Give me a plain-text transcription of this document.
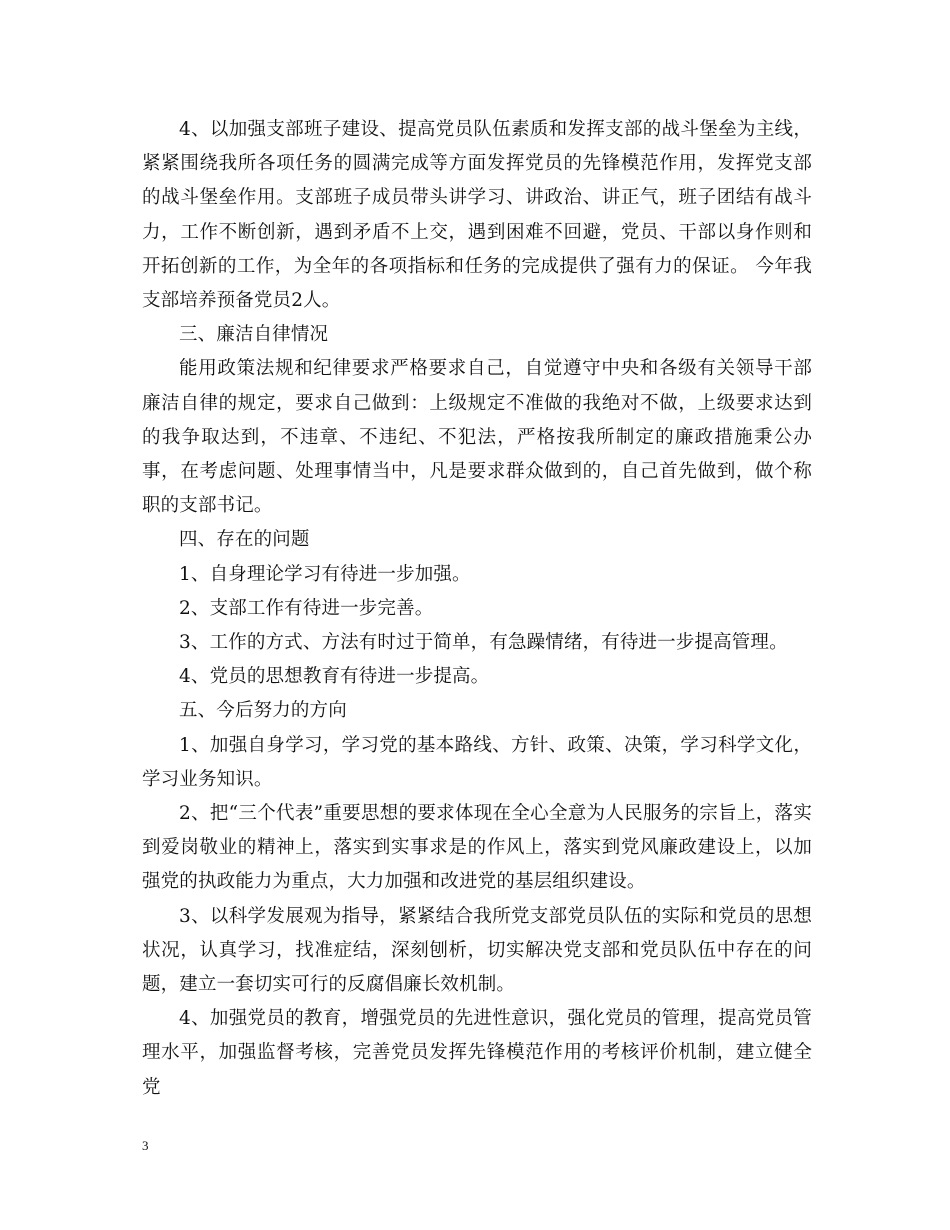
4、以加强支部班子建设、提高党员队伍素质和发挥支部的战斗堡垒为主线，紧紧围绕我所各项任务的圆满完成等方面发挥党员的先锋模范作用，发挥党支部的战斗堡垒作用。支部班子成员带头讲学习、讲政治、讲正气，班子团结有战斗力，工作不断创新，遇到矛盾不上交，遇到困难不回避，党员、干部以身作则和开拓创新的工作，为全年的各项指标和任务的完成提供了强有力的保证。 今年我支部培养预备党员2人。

三、廉洁自律情况

能用政策法规和纪律要求严格要求自己，自觉遵守中央和各级有关领导干部廉洁自律的规定，要求自己做到：上级规定不准做的我绝对不做，上级要求达到的我争取达到，不违章、不违纪、不犯法，严格按我所制定的廉政措施秉公办事，在考虑问题、处理事情当中，凡是要求群众做到的，自己首先做到，做个称职的支部书记。

四、存在的问题

1、自身理论学习有待进一步加强。

2、支部工作有待进一步完善。

3、工作的方式、方法有时过于简单，有急躁情绪，有待进一步提高管理。

4、党员的思想教育有待进一步提高。

五、今后努力的方向

1、加强自身学习，学习党的基本路线、方针、政策、决策，学习科学文化，学习业务知识。

2、把“三个代表”重要思想的要求体现在全心全意为人民服务的宗旨上，落实到爱岗敬业的精神上，落实到实事求是的作风上，落实到党风廉政建设上，以加强党的执政能力为重点，大力加强和改进党的基层组织建设。

3、以科学发展观为指导，紧紧结合我所党支部党员队伍的实际和党员的思想状况，认真学习，找准症结，深刻刨析，切实解决党支部和党员队伍中存在的问题，建立一套切实可行的反腐倡廉长效机制。

4、加强党员的教育，增强党员的先进性意识，强化党员的管理，提高党员管理水平，加强监督考核，完善党员发挥先锋模范作用的考核评价机制，建立健全党

3
